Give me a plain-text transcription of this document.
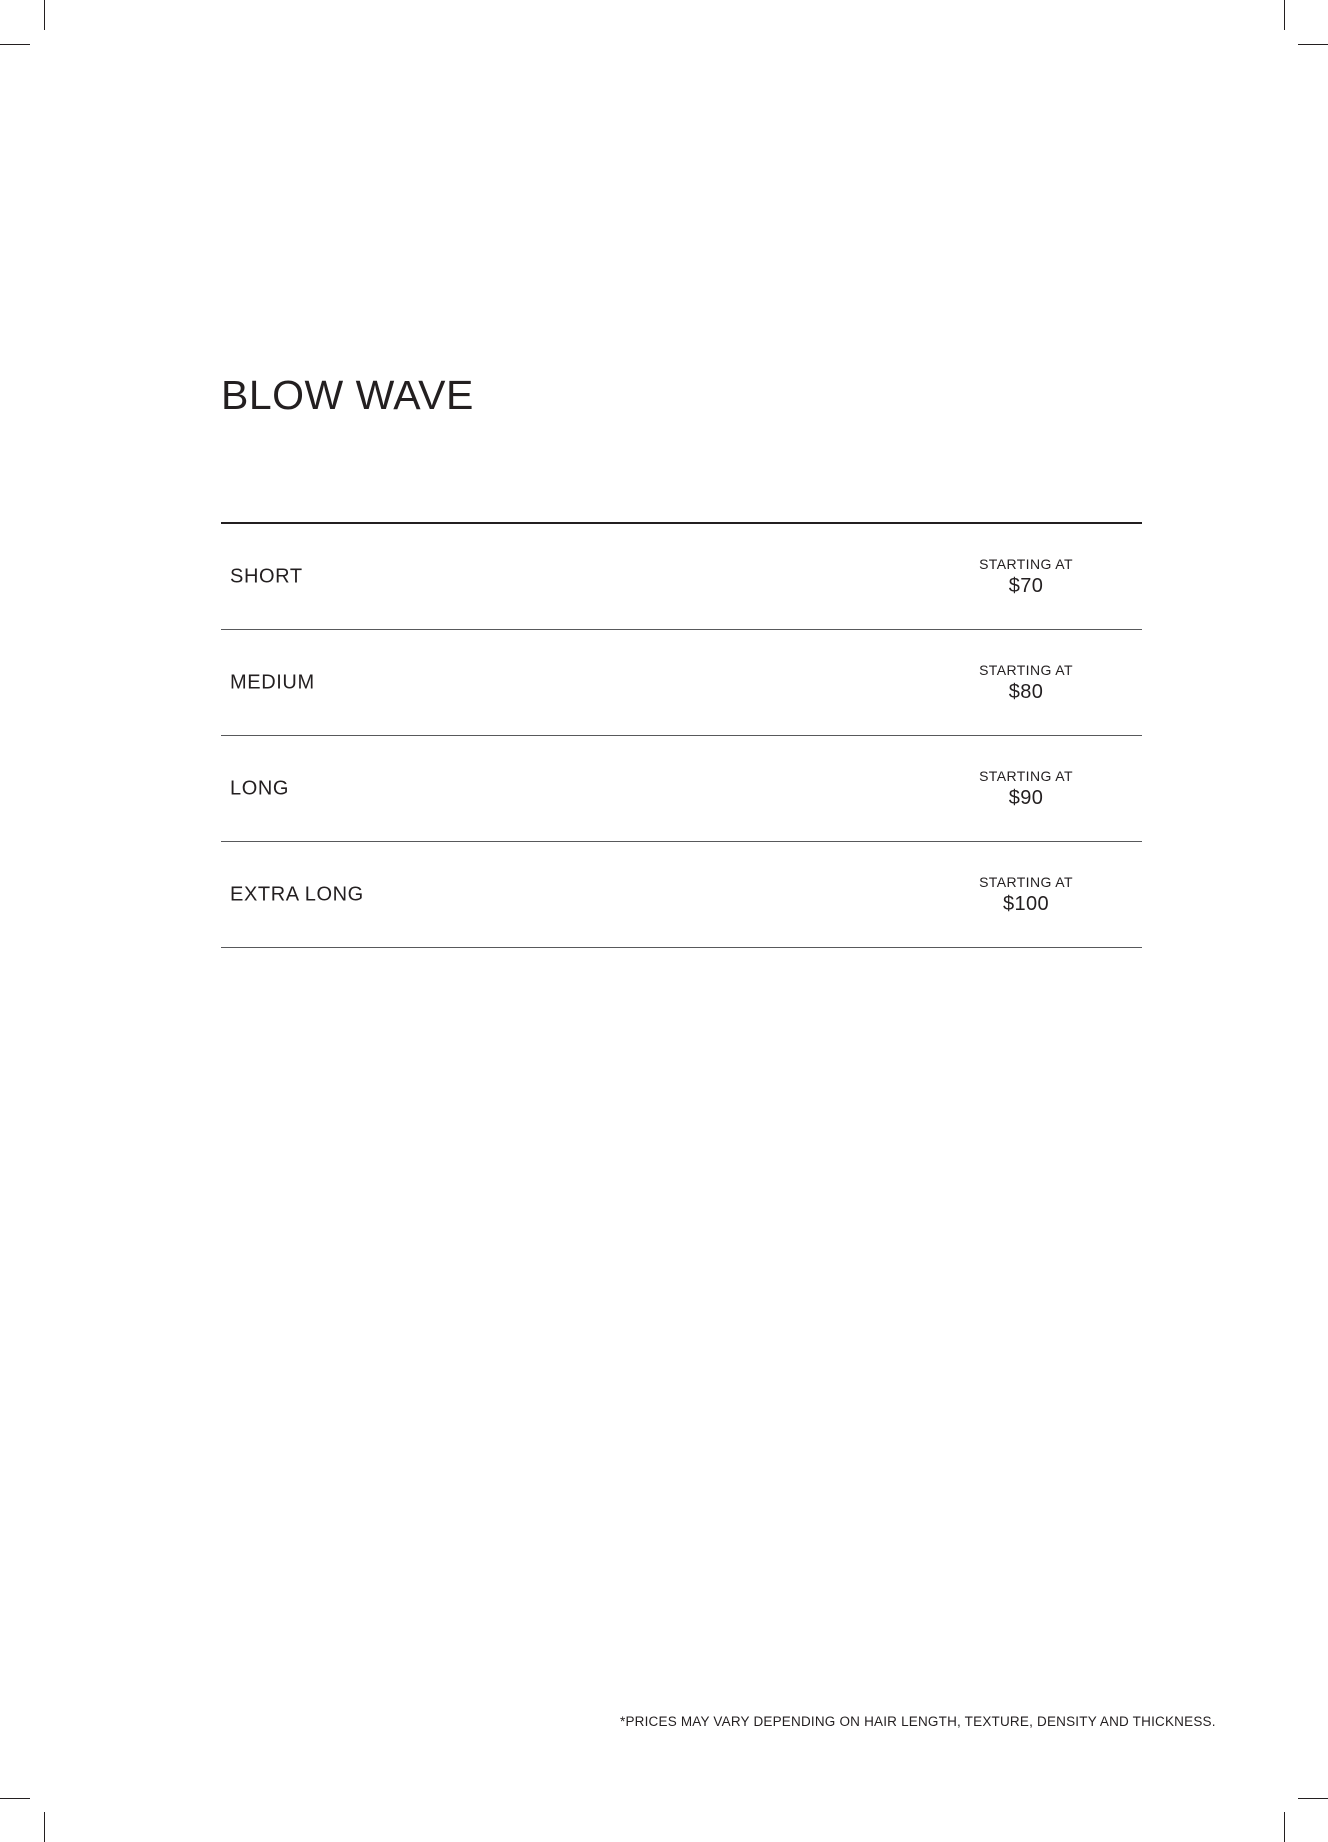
BLOW WAVE
SHORT
STARTING AT
$70
MEDIUM
STARTING AT
$80
LONG
STARTING AT
$90
EXTRA LONG
STARTING AT
$100
*PRICES MAY VARY DEPENDING ON HAIR LENGTH, TEXTURE, DENSITY AND THICKNESS.
